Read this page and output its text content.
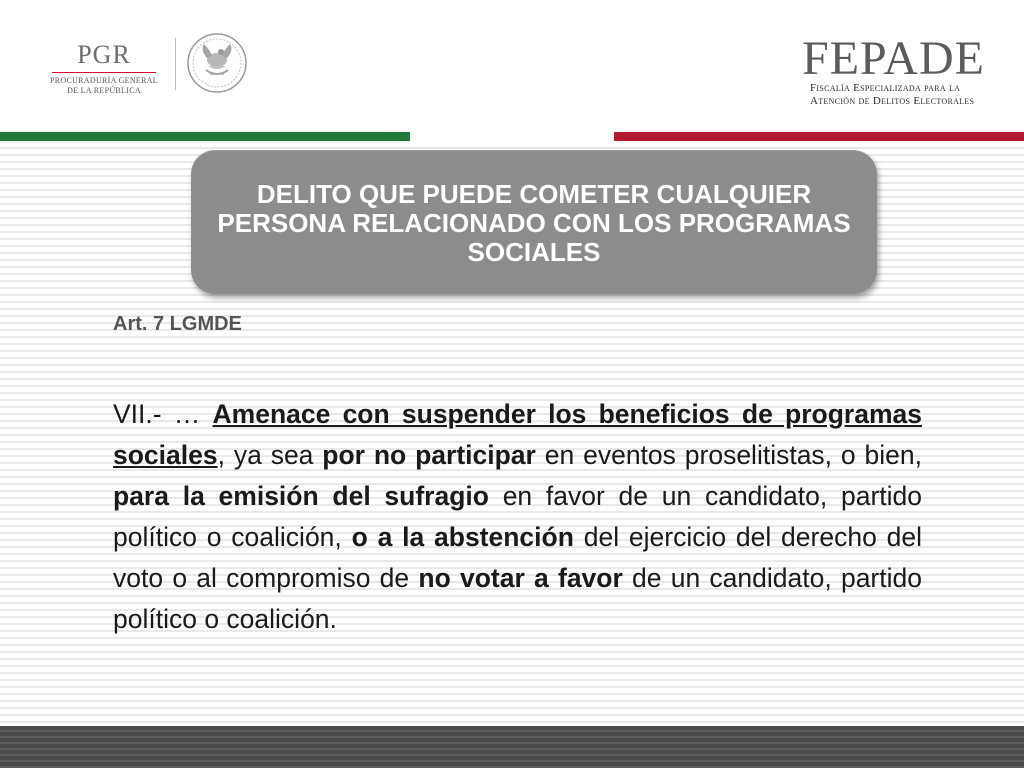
PGR
PROCURADURÍA GENERAL
DE LA REPÚBLICA
FEPADE
Fiscalía Especializada para la
Atención de Delitos Electorales
DELITO QUE PUEDE COMETER CUALQUIER PERSONA RELACIONADO CON LOS PROGRAMAS SOCIALES
Art. 7 LGMDE
VII.- … Amenace con suspender los beneficios de programas sociales, ya sea por no participar en eventos proselitistas, o bien, para la emisión del sufragio en favor de un candidato, partido político o coalición, o a la abstención del ejercicio del derecho del voto o al compromiso de no votar a favor de un candidato, partido político o coalición.
